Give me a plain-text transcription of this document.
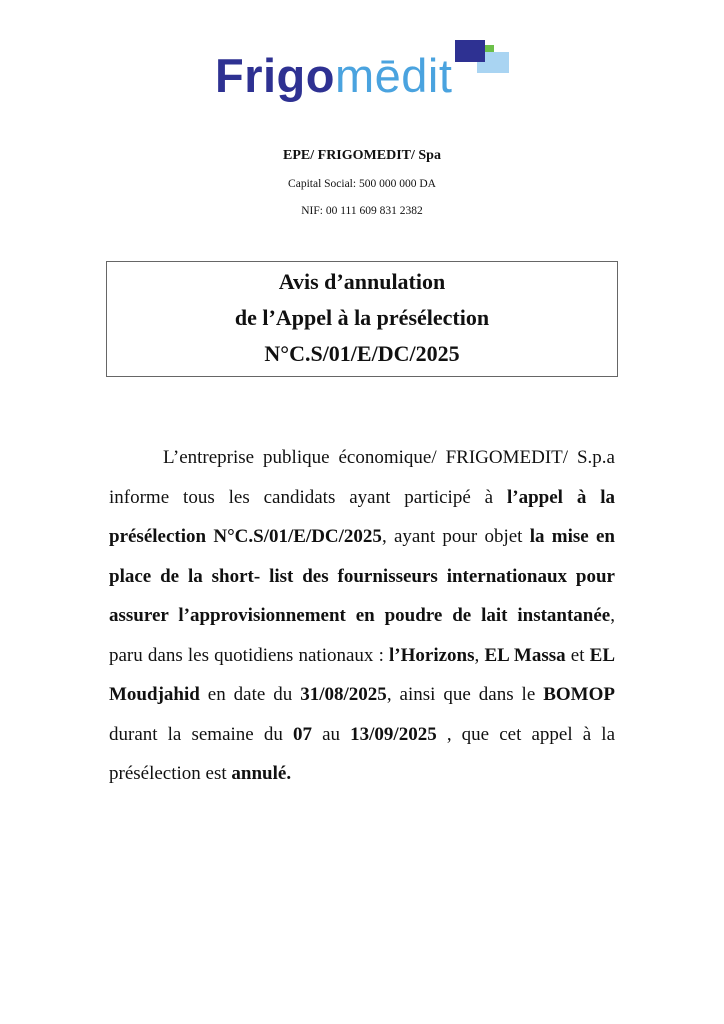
Frigomēdit
EPE/ FRIGOMEDIT/ Spa
Capital Social: 500 000 000 DA
NIF: 00 111 609 831 2382
Avis d’annulation
de l’Appel à la présélection
N°C.S/01/E/DC/2025
L’entreprise publique économique/ FRIGOMEDIT/ S.p.a informe tous les candidats ayant participé à l’appel à la présélection N°C.S/01/E/DC/2025, ayant pour objet la mise en place de la short- list des fournisseurs internationaux pour assurer l’approvisionnement en poudre de lait instantanée, paru dans les quotidiens nationaux : l’Horizons, EL Massa et EL Moudjahid en date du 31/08/2025, ainsi que dans le BOMOP durant la semaine du 07 au 13/09/2025 , que cet appel à la présélection est annulé.
